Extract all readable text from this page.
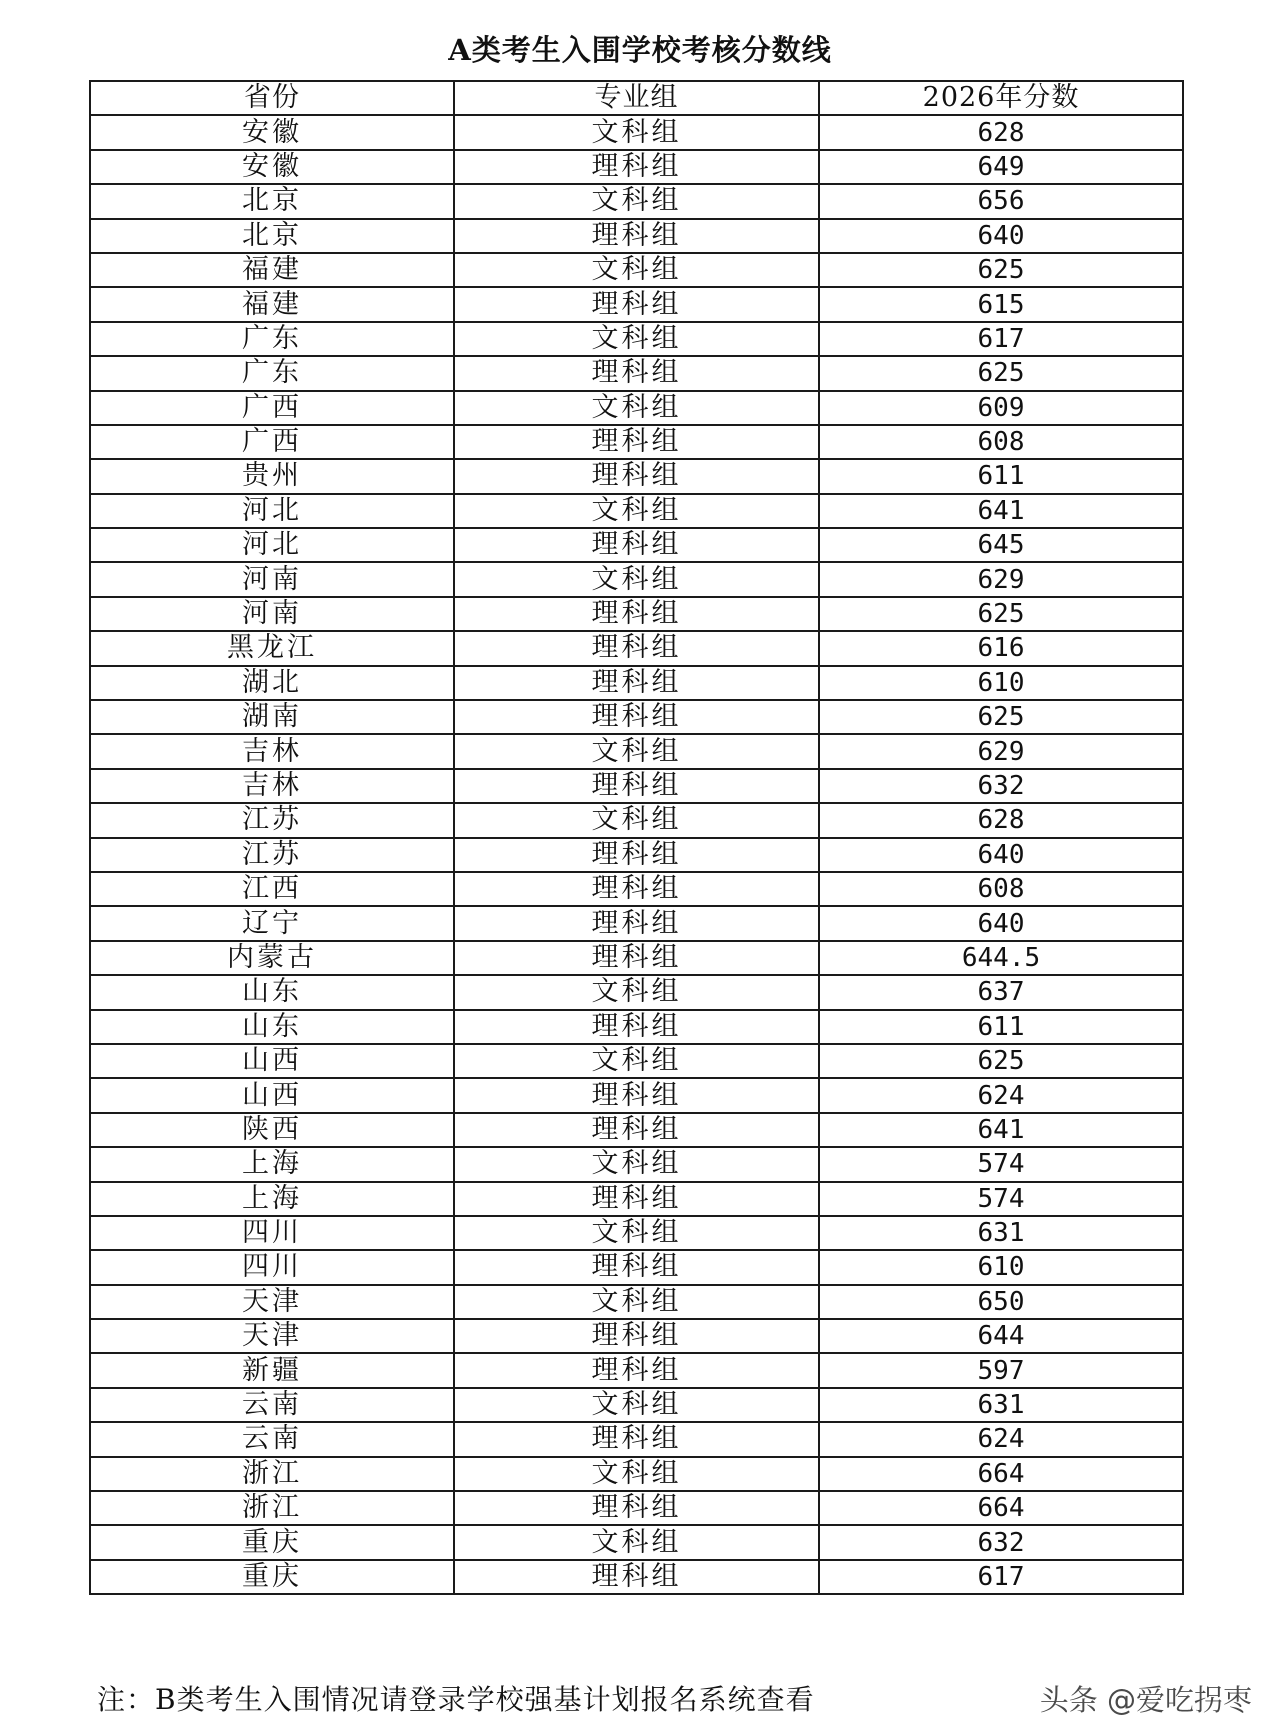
A类考生入围学校考核分数线
省份	专业组	2026年分数
安徽	文科组	628
安徽	理科组	649
北京	文科组	656
北京	理科组	640
福建	文科组	625
福建	理科组	615
广东	文科组	617
广东	理科组	625
广西	文科组	609
广西	理科组	608
贵州	理科组	611
河北	文科组	641
河北	理科组	645
河南	文科组	629
河南	理科组	625
黑龙江	理科组	616
湖北	理科组	610
湖南	理科组	625
吉林	文科组	629
吉林	理科组	632
江苏	文科组	628
江苏	理科组	640
江西	理科组	608
辽宁	理科组	640
内蒙古	理科组	644.5
山东	文科组	637
山东	理科组	611
山西	文科组	625
山西	理科组	624
陕西	理科组	641
上海	文科组	574
上海	理科组	574
四川	文科组	631
四川	理科组	610
天津	文科组	650
天津	理科组	644
新疆	理科组	597
云南	文科组	631
云南	理科组	624
浙江	文科组	664
浙江	理科组	664
重庆	文科组	632
重庆	理科组	617
注：B类考生入围情况请登录学校强基计划报名系统查看	头条 @爱吃拐枣
